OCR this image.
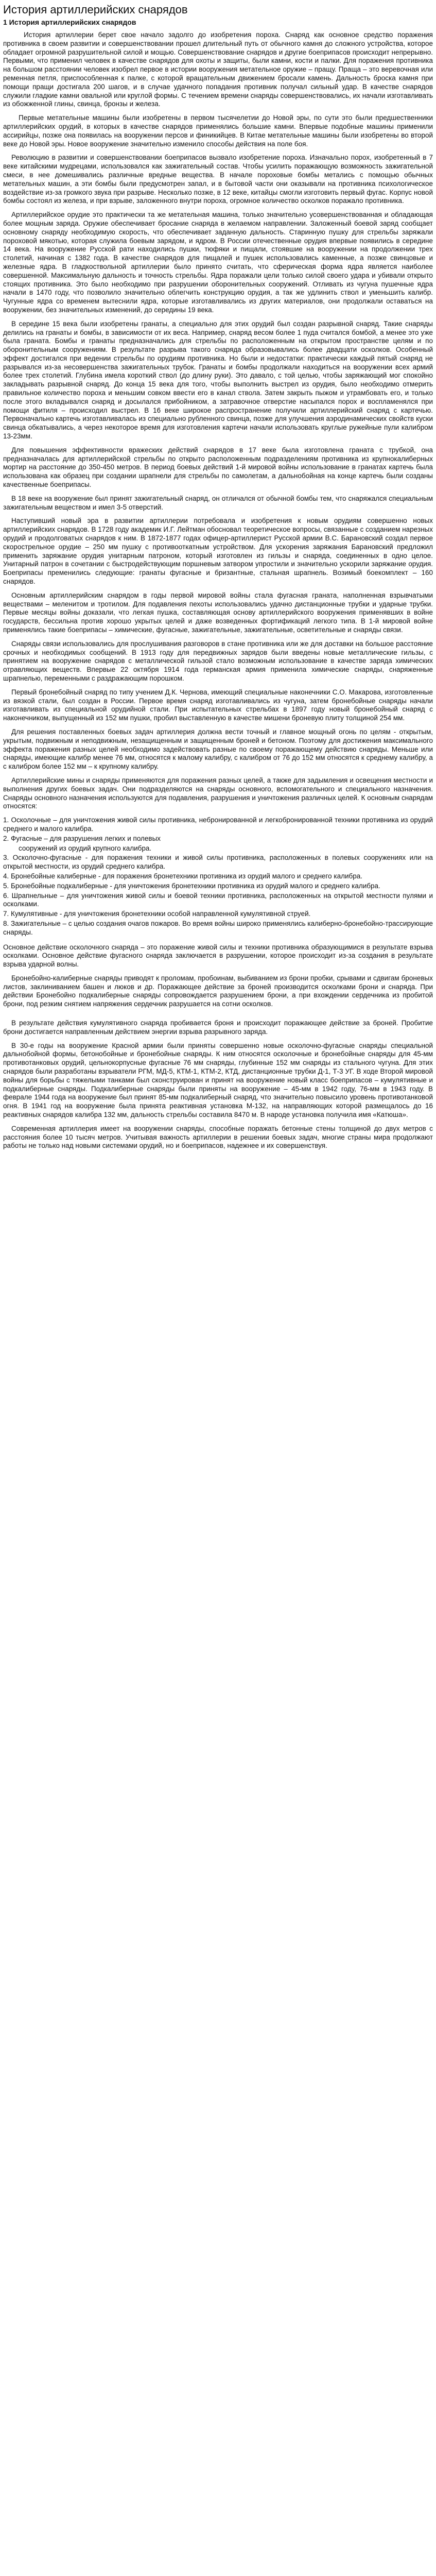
История артиллерийских снарядов
1 История артиллерийских снарядов

История артиллерии берет свое начало задолго до изобретения пороха. Снаряд как основное средство поражения противника в своем развитии и совершенствовании прошел длительный путь от обычного камня до сложного устройства, которое обладает огромной разрушительной силой и мощью. Совершенствование снарядов и другие боеприпасов происходит непрерывно. Первыми, что применил человек в качестве снарядов для охоты и защиты, были камни, кости и палки. Для поражения противника на большом расстоянии человек изобрел первое в истории вооружения метательное оружие – пращу. Праща – это веревочная или ременная петля, приспособленная к палке, с которой вращательным движением бросали камень. Дальность броска камня при помощи пращи достигала 200 шагов, и в случае удачного попадания противник получал сильный удар. В качестве снарядов служили гладкие камни овальной или круглой формы. С течением времени снаряды совершенствовались, их начали изготавливать из обожженной глины, свинца, бронзы и железа.

Первые метательные машины были изобретены в первом тысячелетии до Новой эры, по сути это были предшественники артиллерийских орудий, в которых в качестве снарядов применялись большие камни. Впервые подобные машины применили ассирийцы, позже она появилась на вооружении персов и финикийцев. В Китае метательные машины были изобретены во второй веке до Новой эры. Новое вооружение значительно изменило способы действия на поле боя.

Революцию в развитии и совершенствовании боеприпасов вызвало изобретение пороха. Изначально порох, изобретенный в 7 веке китайскими мудрецами, использовался как зажигательный состав. Чтобы усилить поражающую возможность зажигательной смеси, в нее домешивались различные вредные вещества. В начале пороховые бомбы метались с помощью обычных метательных машин, а эти бомбы были предусмотрен запал, и в бытовой части они оказывали на противника психологическое воздействие из-за громкого звука при разрыве. Несколько позже, в 12 веке, китайцы смогли изготовить первый фугас. Корпус новой бомбы состоял из железа, и при взрыве, заложенного внутри пороха, огромное количество осколков поражало противника.

Артиллерийское орудие это практически та же метательная машина, только значительно усовершенствованная и обладающая более мощным заряда. Оружие обеспечивает бросание снаряда в желаемом направлении. Заложенный боевой заряд сообщает основному снаряду необходимую скорость, что обеспечивает заданную дальность. Старинную пушку для стрельбы заряжали пороховой мякотью, которая служила боевым зарядом, и ядром. В России отечественные орудия впервые появились в середине 14 века. На вооружение Русской рати находились пушки, тюфяки и пищали, стоявшие на вооружении на продолжении трех столетий, начиная с 1382 года. В качестве снарядов для пищалей и пушек использовались каменные, а позже свинцовые и железные ядра. В гладкоствольной артиллерии было принято считать, что сферическая форма ядра является наиболее совершенной. Максимальную дальность и точность стрельбы. Ядра поражали цели только силой своего удара и убивали открыто стоящих противника. Это было необходимо при разрушении оборонительных сооружений. Отливать из чугуна пушечные ядра начали в 1470 году, что позволило значительно облегчить конструкцию орудия, а так же удлинить ствол и уменьшить калибр. Чугунные ядра со временем вытеснили ядра, которые изготавливались из других материалов, они продолжали оставаться на вооружении, без значительных изменений, до середины 19 века.

В середине 15 века были изобретены гранаты, а специально для этих орудий был создан разрывной снаряд. Такие снаряды делились на гранаты и бомбы, в зависимости от их веса. Например, снаряд весом более 1 пуда считался бомбой, а менее это уже была граната. Бомбы и гранаты предназначались для стрельбы по расположенным на открытом пространстве целям и по оборонительным сооружениям. В результате разрыва такого снаряда образовывались более двадцати осколков. Особенный эффект достигался при ведении стрельбы по орудиям противника. Но были и недостатки: практически каждый пятый снаряд не разрывался из-за несовершенства зажигательных трубок. Гранаты и бомбы продолжали находиться на вооружении всех армий более трех столетий. Глубина имела короткий ствол (до длину руки). Это давало, с той целью, чтобы заряжающий мог спокойно закладывать разрывной снаряд. До конца 15 века для того, чтобы выполнить выстрел из орудия, было необходимо отмерить правильное количество пороха и меньшим совком ввести его в канал ствола. Затем закрыть пыжом и утрамбовать его, и только после этого вкладывался снаряд и досылался прибойником, а затравочное отверстие насыпался порох и воспламенялся при помощи фитиля – происходил выстрел. В 16 веке широкое распространение получили артиллерийский снаряд с картечью. Первоначально картечь изготавливалась из специально рубленного свинца, позже для улучшения аэродинамических свойств куски свинца обкатывались, а через некоторое время для изготовления картечи начали использовать круглые ружейные пули калибром 13-23мм.

Для повышения эффективности вражеских действий снарядов в 17 веке была изготовлена граната с трубкой, она предназначалась для артиллерийской стрельбы по открыто расположенным подразделениям противника из крупнокалиберных мортир на расстояние до 350-450 метров. В период боевых действий 1-й мировой войны использование в гранатах картечь была использована как образец при создании шрапнели для стрельбы по самолетам, а дальнобойная на конце картечь были созданы качественные боеприпасы.

В 18 веке на вооружение был принят зажигательный снаряд, он отличался от обычной бомбы тем, что снаряжался специальным зажигательным веществом и имел 3-5 отверстий.

Наступивший новый эра в развитии артиллерии потребовала и изобретения к новым орудиям совершенно новых артиллерийских снарядов. В 1728 году академик И.Г. Лейтман обосновал теоретическое вопросы, связанные с созданием нарезных орудий и продолговатых снарядов к ним. В 1872-1877 годах офицер-артиллерист Русской армии В.С. Барановский создал первое скорострельное орудие – 250 мм пушку с противооткатным устройством. Для ускорения заряжания Барановский предложил применить заряжание орудия унитарным патроном, который изготовлен из гильзы и снаряда, соединенных в одно целое. Унитарный патрон в сочетании с быстродействующим поршневым затвором упростили и значительно ускорили заряжание орудия. Боеприпасы пременились следующие: гранаты фугасные и бризантные, стальная шрапнель. Возимый боекомплект – 160 снарядов.

Основным артиллерийским снарядом в годы первой мировой войны стала фугасная граната, наполненная взрывчатыми веществами – меленитом и тротилом. Для подавления пехоты использовались удачно дистанционные трубки и ударные трубки. Первые месяцы войны доказали, что легкая пушка, составляющая основу артиллерийского вооружения применявших в войне государств, бессильна против хорошо укрытых целей и даже возведенных фортификаций легкого типа. В 1-й мировой войне применялись такие боеприпасы – химические, фугасные, зажигательные, зажигательные, осветительные и снаряды связи.

Снаряды связи использовались для прослушивания разговоров в стане противника или же для доставки на большое расстояние срочных и необходимых сообщений. В 1913 году для передвижных зарядов были введены новые металлические гильзы, с принятием на вооружение снарядов с металлической гильзой стало возможным использование в качестве заряда химических отравляющих веществ. Впервые 22 октября 1914 года германская армия применила химические снаряды, снаряженные шрапнелью, переменными с раздражающим порошком.

Первый бронебойный снаряд по типу учением Д.К. Чернова, имеющий специальные наконечники С.О. Макарова, изготовленные из вязкой стали, был создан в России. Первое время снаряд изготавливались из чугуна, затем бронебойные снаряды начали изготавливать из специальной орудийной стали. При испытательных стрельбах в 1897 году новый бронебойный снаряд с наконечником, выпущенный из 152 мм пушки, пробил выставленную в качестве мишени броневую плиту толщиной 254 мм.

Для решения поставленных боевых задач артиллерия должна вести точный и главное мощный огонь по целям - открытым, укрытым, подвижным и неподвижным, незащищенным и защищенным броней и бетоном. Поэтому для достижения максимального эффекта поражения разных целей необходимо задействовать разные по своему поражающему действию снаряды. Меньше или снаряды, имеющие калибр менее 76 мм, относятся к малому калибру, с калибром от 76 до 152 мм относятся к среднему калибру, а с калибром более 152 мм – к крупному калибру.

Артиллерийские мины и снаряды применяются для поражения разных целей, а также для задымления и освещения местности и выполнения других боевых задач. Они подразделяются на снаряды основного, вспомогательного и специального назначения. Снаряды основного назначения используются для подавления, разрушения и уничтожения различных целей. К основным снарядам относятся:

1. Осколочные – для уничтожения живой силы противника, небронированной и легкобронированной техники противника из орудий среднего и малого калибра.

2. Фугасные – для разрушения легких и полевых

сооружений из орудий крупного калибра.

3. Осколочно-фугасные - для поражения техники и живой силы противника, расположенных в полевых сооружениях или на открытой местности, из орудий среднего калибра.

4. Бронебойные калиберные - для поражения бронетехники противника из орудий малого и среднего калибра.

5. Бронебойные подкалиберные - для уничтожения бронетехники противника из орудий малого и среднего калибра.

6. Шрапнельные – для уничтожения живой силы и боевой техники противника, расположенных на открытой местности пулями и осколками.

7. Кумулятивные - для уничтожения бронетехники особой направленной кумулятивной струей.

8. Зажигательные – с целью создания очагов пожаров. Во время войны широко применялись калиберно-бронебойно-трассирующие снаряды.

Основное действие осколочного снаряда – это поражение живой силы и техники противника образующимися в результате взрыва осколками. Основное действие фугасного снаряда заключается в разрушении, которое происходит из-за создания в результате взрыва ударной волны.

Бронебойно-калиберные снаряды приводят к проломам, пробоинам, выбиванием из брони пробки, срывами и сдвигам броневых листов, заклиниванием башен и люков и др. Поражающее действие за броней производится осколками брони и снаряда. При действии Бронебойно подкалиберные снаряды сопровождается разрушением брони, а при вхождении сердечника из пробитой брони, под резким снятием напряжения сердечник разрушается на сотни осколков.

В результате действия кумулятивного снаряда пробивается броня и происходит поражающее действие за броней. Пробитие брони достигается направленным действием энергии взрыва разрывного заряда.

В 30-е годы на вооружение Красной армии были приняты совершенно новые осколочно-фугасные снаряды специальной дальнобойной формы, бетонобойные и бронебойные снаряды. К ним относятся осколочные и бронебойные снаряды для 45-мм противотанковых орудий, цельнокорпусные фугасные 76 мм снаряды, глубинные 152 мм снаряды из стального чугуна. Для этих снарядов были разработаны взрыватели РГМ, МД-5, КТМ-1, КТМ-2, КТД, дистанционные трубки Д-1, Т-3 УГ. В ходе Второй мировой войны для борьбы с тяжелыми танками был сконструирован и принят на вооружение новый класс боеприпасов – кумулятивные и подкалиберные снаряды. Подкалиберные снаряды были приняты на вооружение – 45-мм в 1942 году, 76-мм в 1943 году. В феврале 1944 года на вооружение был принят 85-мм подкалиберный снаряд, что значительно повысило уровень противотанковой огня. В 1941 год на вооружение была принята реактивная установка М-132, на направляющих которой размещалось до 16 реактивных снарядов калибра 132 мм, дальность стрельбы составила 8470 м. В народе установка получила имя «Катюша».

Современная артиллерия имеет на вооружении снаряды, способные поражать бетонные стены толщиной до двух метров с расстояния более 10 тысяч метров. Учитывая важность артиллерии в решении боевых задач, многие страны мира продолжают работы не только над новыми системами орудий, но и боеприпасов, надежнее и их совершенствуя.
